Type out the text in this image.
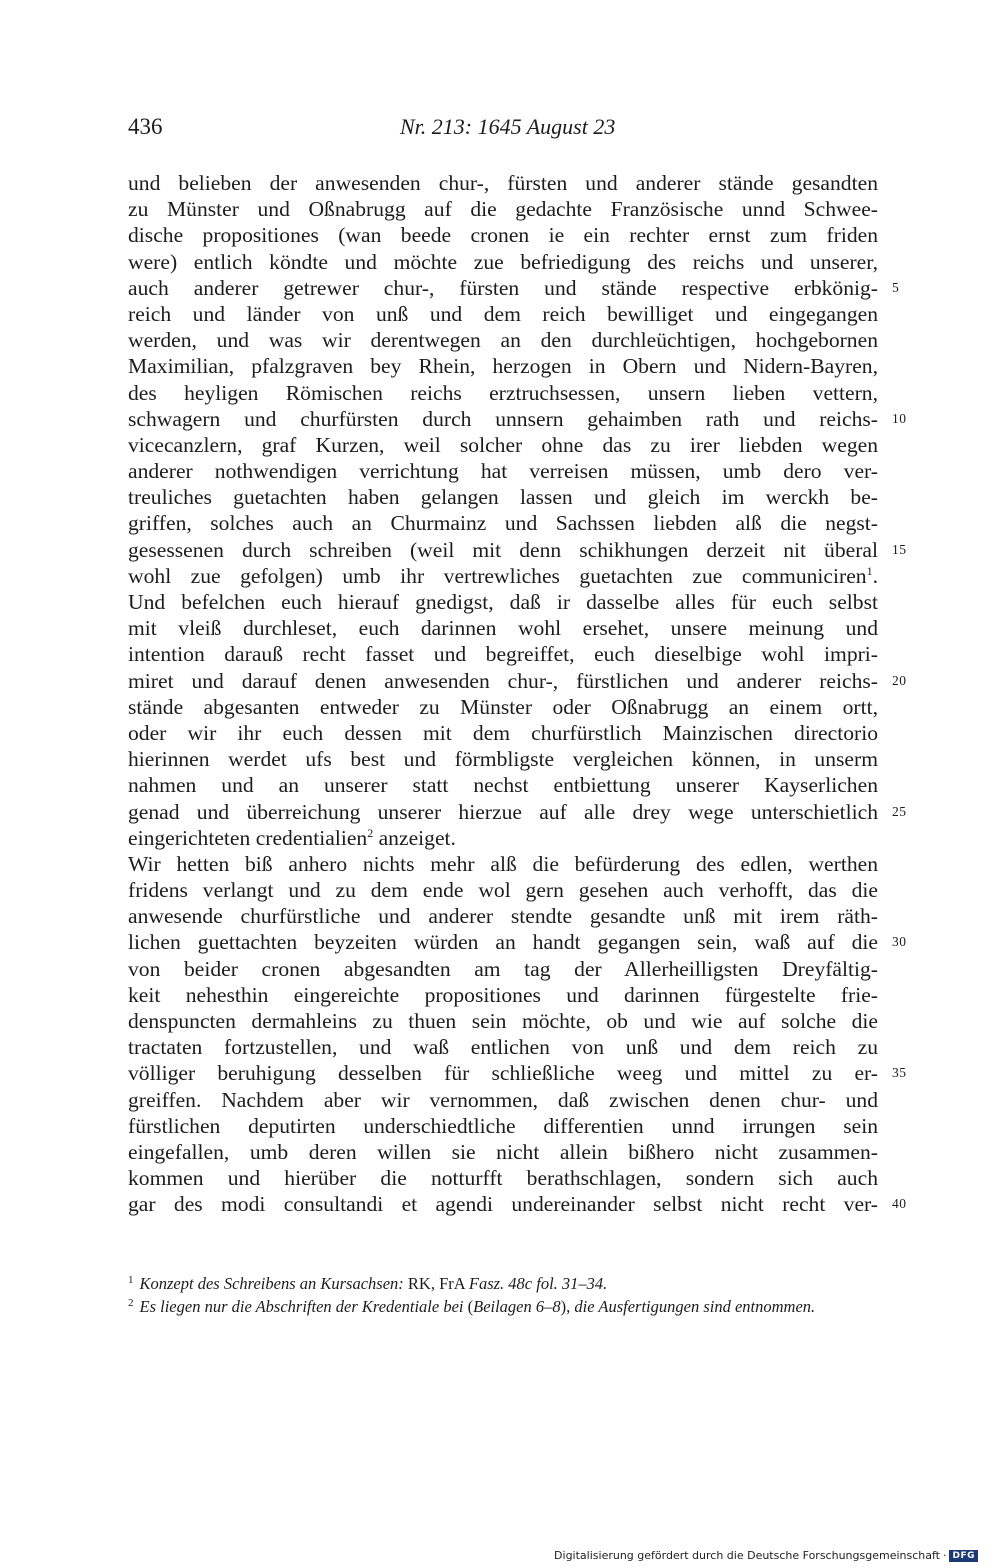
436	Nr. 213: 1645 August 23
und belieben der anwesenden chur-, fürsten und anderer stände gesandten
zu Münster und Oßnabrugg auf die gedachte Französische unnd Schwee-
dische propositiones (wan beede cronen ie ein rechter ernst zum friden
were) entlich köndte und möchte zue befriedigung des reichs und unserer,
auch anderer getrewer chur-, fürsten und stände respective erbkönig- 5
reich und länder von unß und dem reich bewilliget und eingegangen
werden, und was wir derentwegen an den durchleüchtigen, hochgebornen
Maximilian, pfalzgraven bey Rhein, herzogen in Obern und Nidern-Bayren,
des heyligen Römischen reichs erztruchsessen, unsern lieben vettern,
schwagern und churfürsten durch unnsern gehaimben rath und reichs- 10
vicecanzlern, graf Kurzen, weil solcher ohne das zu irer liebden wegen
anderer nothwendigen verrichtung hat verreisen müssen, umb dero ver-
treuliches guetachten haben gelangen lassen und gleich im werckh be-
griffen, solches auch an Churmainz und Sachssen liebden alß die negst-
gesessenen durch schreiben (weil mit denn schikhungen derzeit nit überal 15
wohl zue gefolgen) umb ihr vertrewliches guetachten zue communiciren$^1$.
Und befelchen euch hierauf gnedigst, daß ir dasselbe alles für euch selbst
mit vleiß durchleset, euch darinnen wohl ersehet, unsere meinung und
intention darauß recht fasset und begreiffet, euch dieselbige wohl impri-
miret und darauf denen anwesenden chur-, fürstlichen und anderer reichs- 20
stände abgesanten entweder zu Münster oder Oßnabrugg an einem ortt,
oder wir ihr euch dessen mit dem churfürstlich Mainzischen directorio
hierinnen werdet ufs best und förmbligste vergleichen können, in unserm
nahmen und an unserer statt nechst entbiettung unserer Kayserlichen
genad und überreichung unserer hierzue auf alle drey wege unterschietlich 25
eingerichteten credentialien$^2$ anzeiget.
Wir hetten biß anhero nichts mehr alß die befürderung des edlen, werthen
fridens verlangt und zu dem ende wol gern gesehen auch verhofft, das die
anwesende churfürstliche und anderer stendte gesandte unß mit irem räth-
lichen guettachten beyzeiten würden an handt gegangen sein, waß auf die 30
von beider cronen abgesandten am tag der Allerheilligsten Dreyfältig-
keit nehesthin eingereichte propositiones und darinnen fürgestelte frie-
denspuncten dermahleins zu thuen sein möchte, ob und wie auf solche die
tractaten fortzustellen, und waß entlichen von unß und dem reich zu
völliger beruhigung desselben für schließliche weeg und mittel zu er- 35
greiffen. Nachdem aber wir vernommen, daß zwischen denen chur- und
fürstlichen deputirten underschiedtliche differentien unnd irrungen sein
eingefallen, umb deren willen sie nicht allein bißhero nicht zusammen-
kommen und hierüber die notturfft berathschlagen, sondern sich auch
gar des modi consultandi et agendi undereinander selbst nicht recht ver- 40
$^1$ Konzept des Schreibens an Kursachsen: RK, FrA Fasz. 48c fol. 31–34.
$^2$ Es liegen nur die Abschriften der Kredentiale bei (Beilagen 6–8), die Ausfertigungen sind entnommen.
Digitalisierung gefördert durch die Deutsche Forschungsgemeinschaft · DFG
